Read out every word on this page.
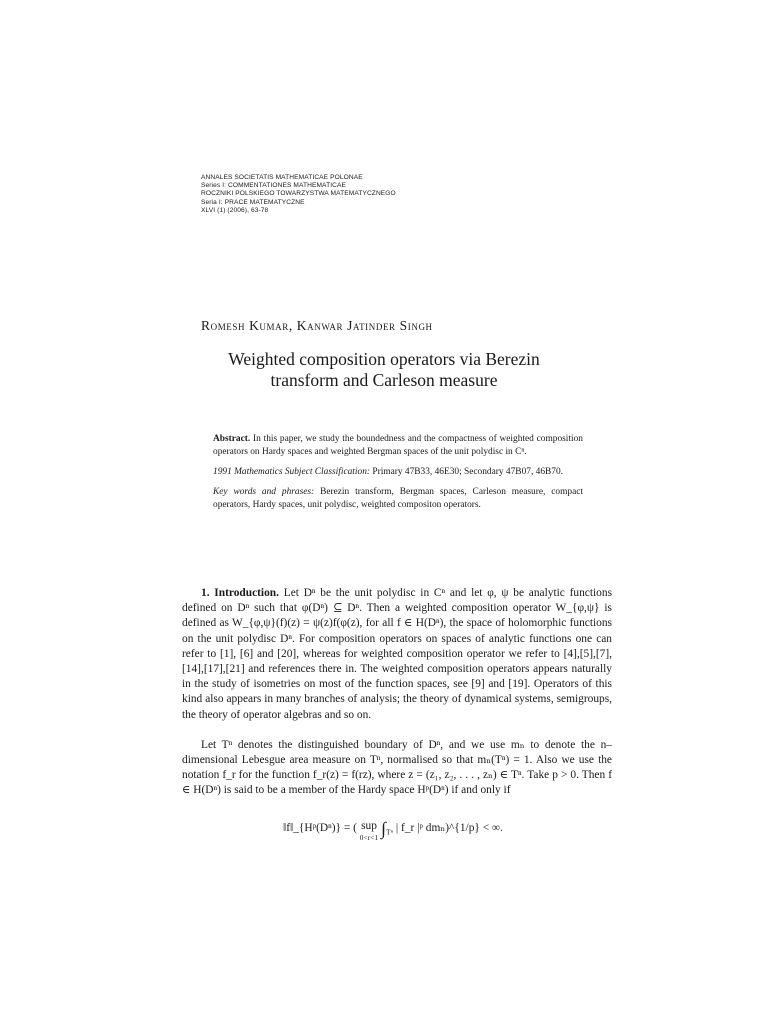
ANNALES SOCIETATIS MATHEMATICAE POLONAE
Series I: COMMENTATIONES MATHEMATICAE
ROCZNIKI POLSKIEGO TOWARZYSTWA MATEMATYCZNEGO
Seria I: PRACE MATEMATYCZNE
XLVI (1) (2006), 63-78
Romesh Kumar, Kanwar Jatinder Singh
Weighted composition operators via Berezin
transform and Carleson measure

Abstract. In this paper, we study the boundedness and the compactness of weighted composition operators on Hardy spaces and weighted Bergman spaces of the unit polydisc in Cⁿ.

1991 Mathematics Subject Classification: Primary 47B33, 46E30; Secondary 47B07, 46B70.

Key words and phrases: Berezin transform, Bergman spaces, Carleson measure, compact operators, Hardy spaces, unit polydisc, weighted compositon operators.

1. Introduction. Let Dⁿ be the unit polydisc in Cⁿ and let φ, ψ be analytic functions defined on Dⁿ such that φ(Dⁿ) ⊆ Dⁿ. Then a weighted composition operator W_{φ,ψ} is defined as W_{φ,ψ}(f)(z) = ψ(z)f(φ(z), for all f ∈ H(Dⁿ), the space of holomorphic functions on the unit polydisc Dⁿ. For composition operators on spaces of analytic functions one can refer to [1], [6] and [20], whereas for weighted composition operator we refer to [4],[5],[7],[14],[17],[21] and references there in. The weighted composition operators appears naturally in the study of isometries on most of the function spaces, see [9] and [19]. Operators of this kind also appears in many branches of analysis; the theory of dynamical systems, semigroups, the theory of operator algebras and so on.

Let Tⁿ denotes the distinguished boundary of Dⁿ, and we use mₙ to denote the n–dimensional Lebesgue area measure on Tⁿ, normalised so that mₙ(Tⁿ) = 1. Also we use the notation f_r for the function f_r(z) = f(rz), where z = (z₁, z₂, . . . , zₙ) ∈ Tⁿ. Take p > 0. Then f ∈ H(Dⁿ) is said to be a member of the Hardy space Hᵖ(Dⁿ) if and only if

‖f‖_{Hᵖ(Dⁿ)} = ( sup
0<r<1 $\int_{T^n}$ | f_r |ᵖ dmₙ)^{1/p} < ∞.
